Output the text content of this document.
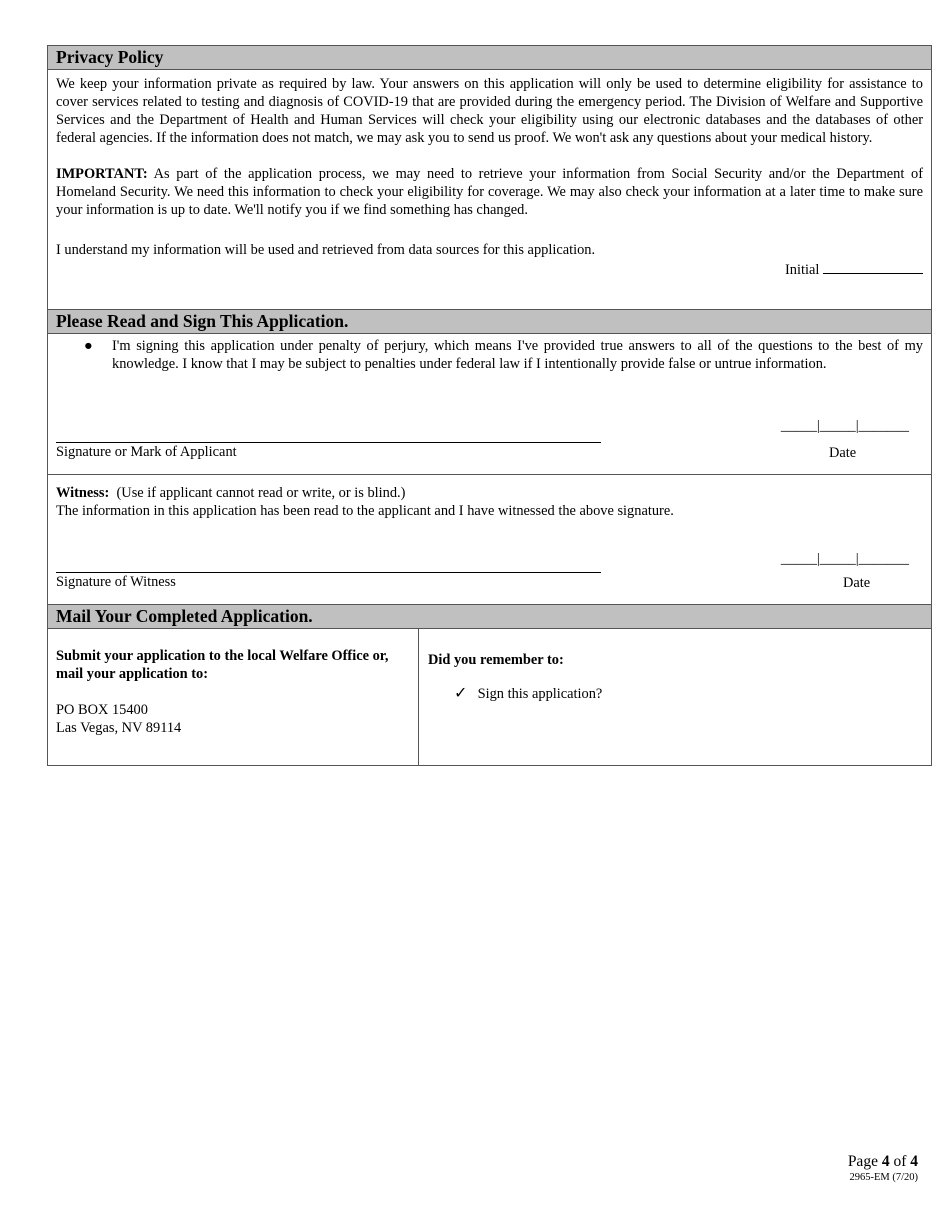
Privacy Policy

We keep your information private as required by law. Your answers on this application will only be used to determine eligibility for assistance to cover services related to testing and diagnosis of COVID-19 that are provided during the emergency period. The Division of Welfare and Supportive Services and the Department of Health and Human Services will check your eligibility using our electronic databases and the databases of other federal agencies. If the information does not match, we may ask you to send us proof. We won't ask any questions about your medical history.

IMPORTANT: As part of the application process, we may need to retrieve your information from Social Security and/or the Department of Homeland Security. We need this information to check your eligibility for coverage. We may also check your information at a later time to make sure your information is up to date. We'll notify you if we find something has changed.

I understand my information will be used and retrieved from data sources for this application.

Initial
Please Read and Sign This Application.
● I'm signing this application under penalty of perjury, which means I've provided true answers to all of the questions to the best of my knowledge. I know that I may be subject to penalties under federal law if I intentionally provide false or untrue information.
_____|_____|_______
Signature or Mark of Applicant	Date
Witness:  (Use if applicant cannot read or write, or is blind.)
The information in this application has been read to the applicant and I have witnessed the above signature.
_____|_____|_______
Signature of Witness	Date
Mail Your Completed Application.
Submit your application to the local Welfare Office or, mail your application to:
PO BOX 15400
Las Vegas, NV 89114
Did you remember to:
✓ Sign this application?
Page 4 of 4
2965-EM (7/20)
